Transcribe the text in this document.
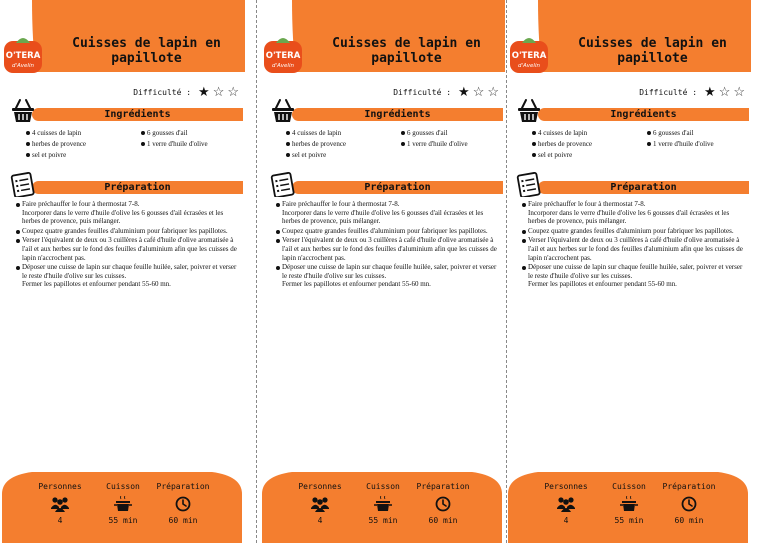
O'TERA
d'Avelin
Cuisses de lapin en papillote
Difficulté : ★ ☆ ☆
Ingrédients
4 cuisses de lapin	6 gousses d'ail
herbes de provence	1 verre d'huile d'olive
sel et poivre
Préparation
Faire préchauffer le four à thermostat 7-8.
Incorporer dans le verre d'huile d'olive les 6 gousses d'ail écrasées et les herbes de provence, puis mélanger.
Coupez quatre grandes feuilles d'aluminium pour fabriquer les papillotes.
Verser l'équivalent de deux ou 3 cuillères à café d'huile d'olive aromatisée à l'ail et aux herbes sur le fond des feuilles d'aluminium afin que les cuisses de lapin n'accrochent pas.
Déposer une cuisse de lapin sur chaque feuille huilée, saler, poivrer et verser le reste d'huile d'olive sur les cuisses.
Fermer les papillotes et enfourner pendant 55-60 mn.
Personnes
4
Cuisson
55 min
Préparation
60 min
O'TERA
d'Avelin
Cuisses de lapin en papillote
Difficulté : ★ ☆ ☆
Ingrédients
4 cuisses de lapin	6 gousses d'ail
herbes de provence	1 verre d'huile d'olive
sel et poivre
Préparation
Faire préchauffer le four à thermostat 7-8.
Incorporer dans le verre d'huile d'olive les 6 gousses d'ail écrasées et les herbes de provence, puis mélanger.
Coupez quatre grandes feuilles d'aluminium pour fabriquer les papillotes.
Verser l'équivalent de deux ou 3 cuillères à café d'huile d'olive aromatisée à l'ail et aux herbes sur le fond des feuilles d'aluminium afin que les cuisses de lapin n'accrochent pas.
Déposer une cuisse de lapin sur chaque feuille huilée, saler, poivrer et verser le reste d'huile d'olive sur les cuisses.
Fermer les papillotes et enfourner pendant 55-60 mn.
Personnes
4
Cuisson
55 min
Préparation
60 min
O'TERA
d'Avelin
Cuisses de lapin en papillote
Difficulté : ★ ☆ ☆
Ingrédients
4 cuisses de lapin	6 gousses d'ail
herbes de provence	1 verre d'huile d'olive
sel et poivre
Préparation
Faire préchauffer le four à thermostat 7-8.
Incorporer dans le verre d'huile d'olive les 6 gousses d'ail écrasées et les herbes de provence, puis mélanger.
Coupez quatre grandes feuilles d'aluminium pour fabriquer les papillotes.
Verser l'équivalent de deux ou 3 cuillères à café d'huile d'olive aromatisée à l'ail et aux herbes sur le fond des feuilles d'aluminium afin que les cuisses de lapin n'accrochent pas.
Déposer une cuisse de lapin sur chaque feuille huilée, saler, poivrer et verser le reste d'huile d'olive sur les cuisses.
Fermer les papillotes et enfourner pendant 55-60 mn.
Personnes
4
Cuisson
55 min
Préparation
60 min
